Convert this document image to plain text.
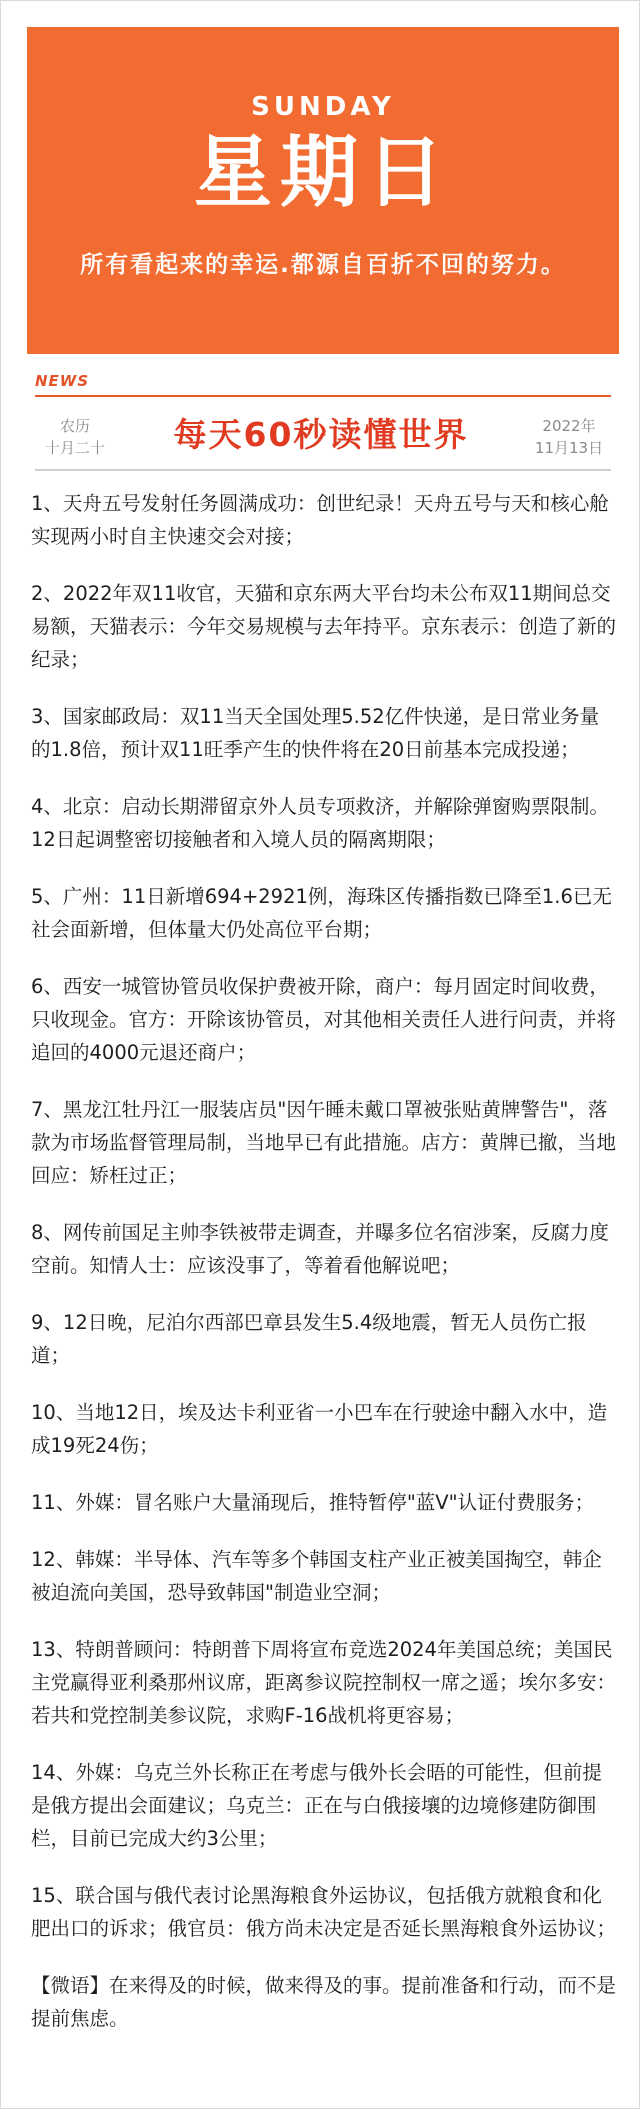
SUNDAY
星期日
所有看起来的幸运.都源自百折不回的努力。
NEWS
农历
十月二十	每天60秒读懂世界	2022年
11月13日

1、天舟五号发射任务圆满成功：创世纪录！天舟五号与天和核心舱实现两小时自主快速交会对接；

2、2022年双11收官，天猫和京东两大平台均未公布双11期间总交易额，天猫表示：今年交易规模与去年持平。京东表示：创造了新的纪录；

3、国家邮政局：双11当天全国处理5.52亿件快递，是日常业务量的1.8倍，预计双11旺季产生的快件将在20日前基本完成投递；

4、北京：启动长期滞留京外人员专项救济，并解除弹窗购票限制。12日起调整密切接触者和入境人员的隔离期限；

5、广州：11日新增694+2921例，海珠区传播指数已降至1.6已无社会面新增，但体量大仍处高位平台期；

6、西安一城管协管员收保护费被开除，商户：每月固定时间收费，只收现金。官方：开除该协管员，对其他相关责任人进行问责，并将追回的4000元退还商户；

7、黑龙江牡丹江一服装店员"因午睡未戴口罩被张贴黄牌警告"，落款为市场监督管理局制，当地早已有此措施。店方：黄牌已撤，当地回应：矫枉过正；

8、网传前国足主帅李铁被带走调查，并曝多位名宿涉案，反腐力度空前。知情人士：应该没事了，等着看他解说吧；

9、12日晚，尼泊尔西部巴章县发生5.4级地震，暂无人员伤亡报道；

10、当地12日，埃及达卡利亚省一小巴车在行驶途中翻入水中，造成19死24伤；

11、外媒：冒名账户大量涌现后，推特暂停"蓝V"认证付费服务；

12、韩媒：半导体、汽车等多个韩国支柱产业正被美国掏空，韩企被迫流向美国，恐导致韩国"制造业空洞；

13、特朗普顾问：特朗普下周将宣布竞选2024年美国总统；美国民主党赢得亚利桑那州议席，距离参议院控制权一席之遥；埃尔多安：若共和党控制美参议院，求购F-16战机将更容易；

14、外媒：乌克兰外长称正在考虑与俄外长会晤的可能性，但前提是俄方提出会面建议；乌克兰：正在与白俄接壤的边境修建防御围栏，目前已完成大约3公里；

15、联合国与俄代表讨论黑海粮食外运协议，包括俄方就粮食和化肥出口的诉求；俄官员：俄方尚未决定是否延长黑海粮食外运协议；

【微语】在来得及的时候，做来得及的事。提前准备和行动，而不是提前焦虑。
